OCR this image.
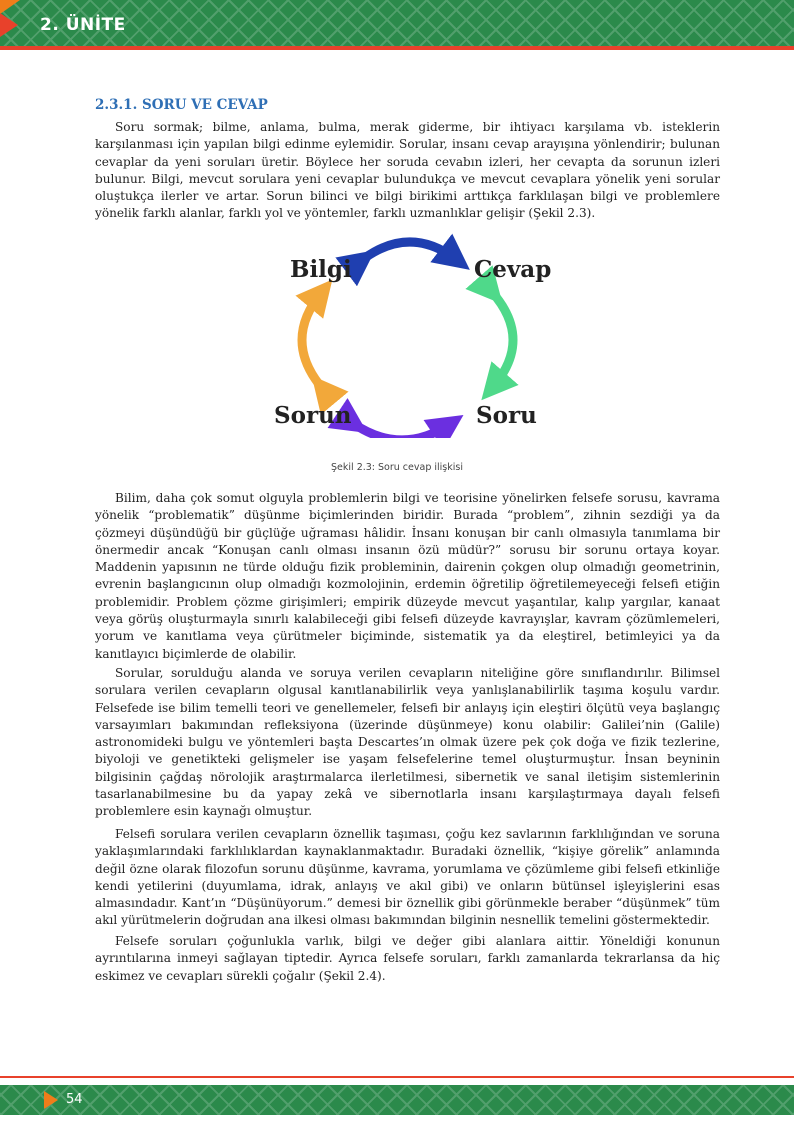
2. ÜNİTE
2.3.1. SORU VE CEVAP

Soru sormak; bilme, anlama, bulma, merak giderme, bir ihtiyacı karşılama vb. isteklerin karşılanması için yapılan bilgi edinme eylemidir. Sorular, insanı cevap arayışına yönlendirir; bulunan cevaplar da yeni soruları üretir. Böylece her soruda cevabın izleri, her cevapta da sorunun izleri bulunur. Bilgi, mevcut sorulara yeni cevaplar bulundukça ve mevcut cevaplara yönelik yeni sorular oluştukça ilerler ve artar. Sorun bilinci ve bilgi birikimi arttıkça farklılaşan bilgi ve problemlere yönelik farklı alanlar, farklı yol ve yöntemler, farklı uzmanlıklar gelişir (Şekil 2.3).

Bilgi	Cevap
Sorun	Soru
Şekil 2.3: Soru cevap ilişkisi

Bilim, daha çok somut olguyla problemlerin bilgi ve teorisine yönelirken felsefe sorusu, kavrama yönelik “problematik” düşünme biçimlerinden biridir. Burada “problem”, zihnin sezdiği ya da çözmeyi düşündüğü bir güçlüğe uğraması hâlidir. İnsanı konuşan bir canlı olmasıyla tanımlama bir önermedir ancak “Konuşan canlı olması insanın özü müdür?” sorusu bir sorunu ortaya koyar. Maddenin yapısının ne türde olduğu fizik probleminin, dairenin çokgen olup olmadığı geometrinin, evrenin başlangıcının olup olmadığı kozmolojinin, erdemin öğretilip öğretilemeyeceği felsefi etiğin problemidir. Problem çözme girişimleri; empirik düzeyde mevcut yaşantılar, kalıp yargılar, kanaat veya görüş oluşturmayla sınırlı kalabileceği gibi felsefi düzeyde kavrayışlar, kavram çözümlemeleri, yorum ve kanıtlama veya çürütmeler biçiminde, sistematik ya da eleştirel, betimleyici ya da kanıtlayıcı biçimlerde de olabilir.

Sorular, sorulduğu alanda ve soruya verilen cevapların niteliğine göre sınıflandırılır. Bilimsel sorulara verilen cevapların olgusal kanıtlanabilirlik veya yanlışlanabilirlik taşıma koşulu vardır. Felsefede ise bilim temelli teori ve genellemeler, felsefi bir anlayış için eleştiri ölçütü veya başlangıç varsayımları bakımından refleksiyona (üzerinde düşünmeye) konu olabilir: Galilei’nin (Galile) astronomideki bulgu ve yöntemleri başta Descartes’ın olmak üzere pek çok doğa ve fizik tezlerine, biyoloji ve genetikteki gelişmeler ise yaşam felsefelerine temel oluşturmuştur. İnsan beyninin bilgisinin çağdaş nörolojik araştırmalarca ilerletilmesi, sibernetik ve sanal iletişim sistemlerinin tasarlanabilmesine bu da yapay zekâ ve sibernotlarla insanı karşılaştırmaya dayalı felsefi problemlere esin kaynağı olmuştur.

Felsefi sorulara verilen cevapların öznellik taşıması, çoğu kez savlarının farklılığından ve soruna yaklaşımlarındaki farklılıklardan kaynaklanmaktadır. Buradaki öznellik, “kişiye görelik” anlamında değil özne olarak filozofun sorunu düşünme, kavrama, yorumlama ve çözümleme gibi felsefi etkinliğe kendi yetilerini (duyumlama, idrak, anlayış ve akıl gibi) ve onların bütünsel işleyişlerini esas almasındadır. Kant’ın “Düşünüyorum.” demesi bir öznellik gibi görünmekle beraber “düşünmek” tüm akıl yürütmelerin doğrudan ana ilkesi olması bakımından bilginin nesnellik temelini göstermektedir.

Felsefe soruları çoğunlukla varlık, bilgi ve değer gibi alanlara aittir. Yöneldiği konunun ayrıntılarına inmeyi sağlayan tiptedir. Ayrıca felsefe soruları, farklı zamanlarda tekrarlansa da hiç eskimez ve cevapları sürekli çoğalır (Şekil 2.4).

54
